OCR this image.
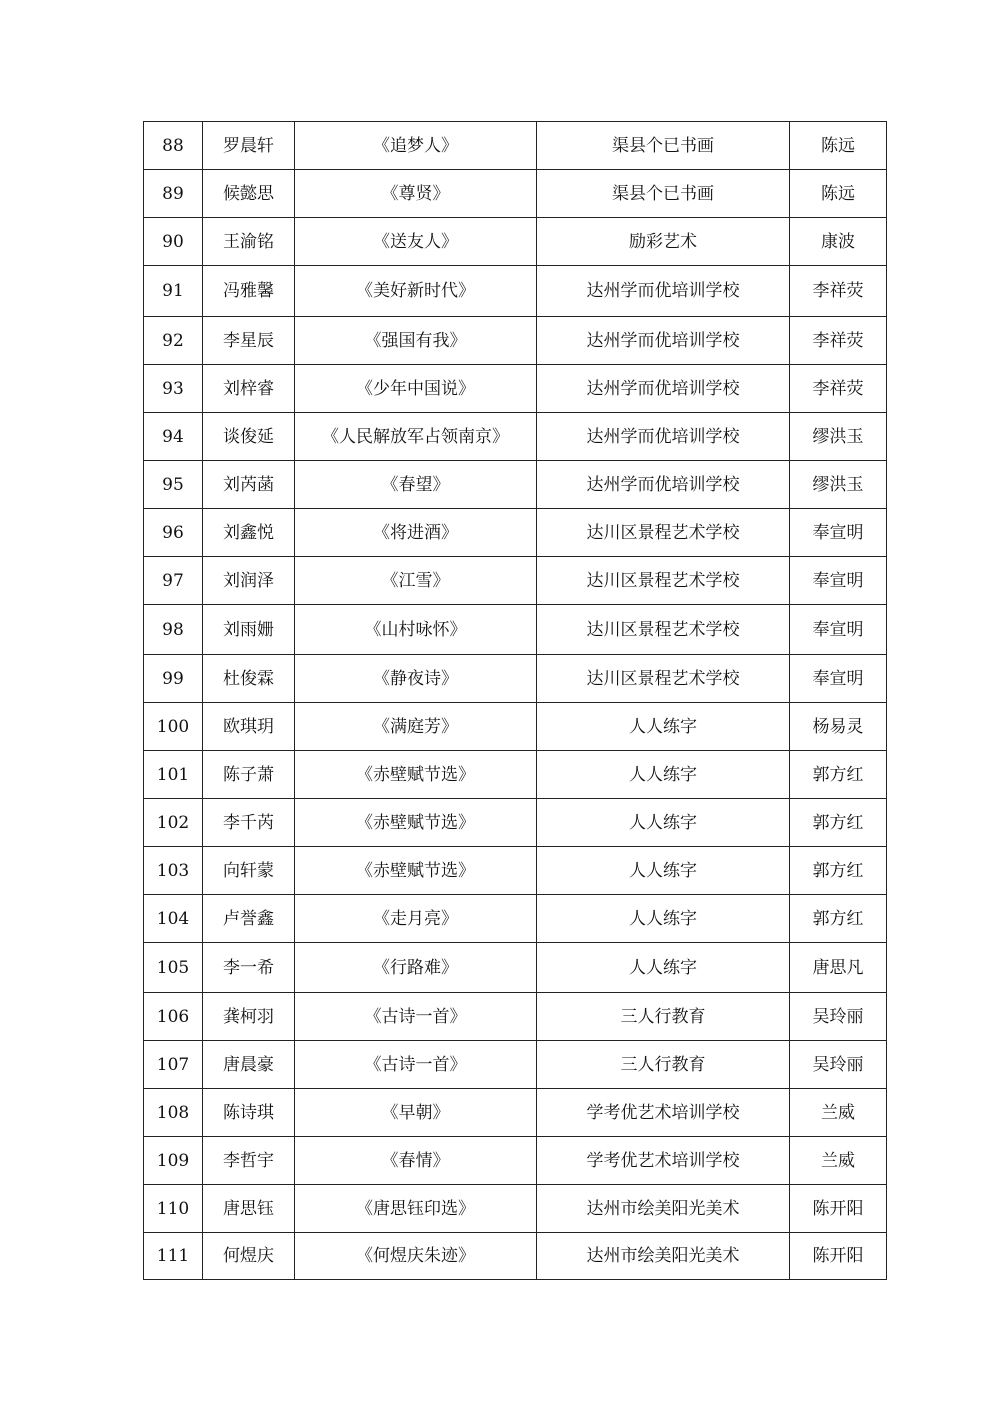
88	罗晨轩	《追梦人》	渠县个已书画	陈远
89	候懿思	《尊贤》	渠县个已书画	陈远
90	王渝铭	《送友人》	励彩艺术	康波
91	冯雅馨	《美好新时代》	达州学而优培训学校	李祥荧
92	李星辰	《强国有我》	达州学而优培训学校	李祥荧
93	刘梓睿	《少年中国说》	达州学而优培训学校	李祥荧
94	谈俊延	《人民解放军占领南京》	达州学而优培训学校	缪洪玉
95	刘芮菡	《春望》	达州学而优培训学校	缪洪玉
96	刘鑫悦	《将进酒》	达川区景程艺术学校	奉宣明
97	刘润泽	《江雪》	达川区景程艺术学校	奉宣明
98	刘雨姗	《山村咏怀》	达川区景程艺术学校	奉宣明
99	杜俊霖	《静夜诗》	达川区景程艺术学校	奉宣明
100	欧琪玥	《满庭芳》	人人练字	杨易灵
101	陈子萧	《赤壁赋节选》	人人练字	郭方红
102	李千芮	《赤壁赋节选》	人人练字	郭方红
103	向轩蒙	《赤壁赋节选》	人人练字	郭方红
104	卢誉鑫	《走月亮》	人人练字	郭方红
105	李一希	《行路难》	人人练字	唐思凡
106	龚柯羽	《古诗一首》	三人行教育	吴玲丽
107	唐晨豪	《古诗一首》	三人行教育	吴玲丽
108	陈诗琪	《早朝》	学考优艺术培训学校	兰威
109	李哲宇	《春情》	学考优艺术培训学校	兰威
110	唐思钰	《唐思钰印选》	达州市绘美阳光美术	陈开阳
111	何煜庆	《何煜庆朱迹》	达州市绘美阳光美术	陈开阳
